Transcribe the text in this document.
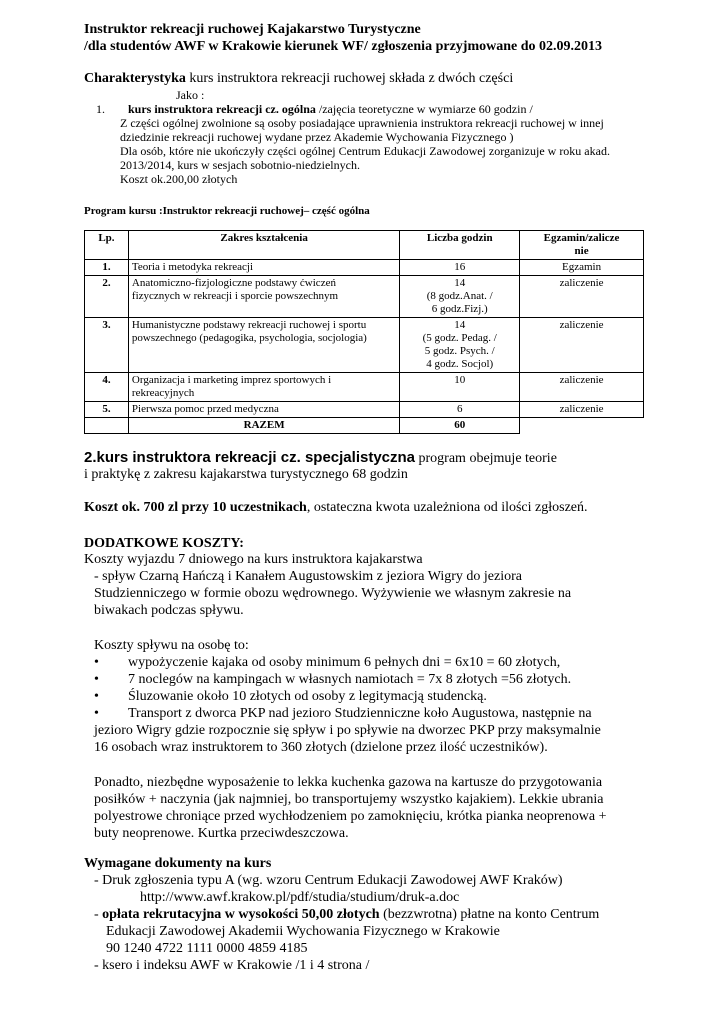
Instruktor rekreacji ruchowej Kajakarstwo Turystyczne
/dla studentów AWF w Krakowie kierunek WF/ zgłoszenia przyjmowane do 02.09.2013
Charakterystyka kurs instruktora rekreacji ruchowej składa z dwóch części
Jako :
1. kurs instruktora rekreacji cz. ogólna /zajęcia teoretyczne w wymiarze 60 godzin /
Z części ogólnej zwolnione są osoby posiadające uprawnienia instruktora rekreacji ruchowej w innej
dziedzinie rekreacji ruchowej wydane przez Akademie Wychowania Fizycznego )
Dla osób, które nie ukończyły części ogólnej Centrum Edukacji Zawodowej zorganizuje w roku akad.
2013/2014, kurs w sesjach sobotnio-niedzielnych.
Koszt ok.200,00 złotych
Program kursu :Instruktor rekreacji ruchowej– część ogólna
Lp.	Zakres kształcenia	Liczba godzin	Egzamin/zalicze
nie

1.	Teoria i metodyka rekreacji	16	Egzamin
2.	Anatomiczno-fizjologiczne podstawy ćwiczeń
fizycznych w rekreacji i sporcie powszechnym	14
(8 godz.Anat. /
6 godz.Fizj.)	zaliczenie
3.	Humanistyczne podstawy rekreacji ruchowej i sportu
powszechnego (pedagogika, psychologia, socjologia)	14
(5 godz. Pedag. /
5 godz. Psych. /
4 godz. Socjol)	zaliczenie
4.	Organizacja i marketing imprez sportowych i
rekreacyjnych	10	zaliczenie
5.	Pierwsza pomoc przed medyczna	6	zaliczenie
	RAZEM	60	
2.kurs instruktora rekreacji cz. specjalistyczna program obejmuje teorie
i praktykę z zakresu kajakarstwa turystycznego 68 godzin
Koszt ok. 700 zl przy 10 uczestnikach, ostateczna kwota uzależniona od ilości zgłoszeń.
DODATKOWE KOSZTY:
Koszty wyjazdu 7 dniowego na kurs instruktora kajakarstwa
- spływ Czarną Hańczą i Kanałem Augustowskim z jeziora Wigry do jeziora
Studzienniczego w formie obozu wędrownego. Wyżywienie we własnym zakresie na
biwakach podczas spływu.
Koszty spływu na osobę to:
• wypożyczenie kajaka od osoby minimum 6 pełnych dni = 6x10 = 60 złotych,
• 7 noclegów na kampingach w własnych namiotach = 7x 8 złotych =56 złotych.
• Śluzowanie około 10 złotych od osoby z legitymacją studencką.
• Transport z dworca PKP nad jezioro Studzienniczne koło Augustowa, następnie na
jezioro Wigry gdzie rozpocznie się spływ i po spływie na dworzec PKP przy maksymalnie
16 osobach wraz instruktorem to 360 złotych (dzielone przez ilość uczestników).
Ponadto, niezbędne wyposażenie to lekka kuchenka gazowa na kartusze do przygotowania
posiłków + naczynia (jak najmniej, bo transportujemy wszystko kajakiem). Lekkie ubrania
polyestrowe chroniące przed wychłodzeniem po zamoknięciu, krótka pianka neoprenowa +
buty neoprenowe. Kurtka przeciwdeszczowa.
Wymagane dokumenty na kurs
- Druk zgłoszenia typu A (wg. wzoru Centrum Edukacji Zawodowej AWF Kraków)
http://www.awf.krakow.pl/pdf/studia/studium/druk-a.doc
- opłata rekrutacyjna w wysokości 50,00 złotych (bezzwrotna) płatne na konto Centrum
Edukacji Zawodowej Akademii Wychowania Fizycznego w Krakowie
90 1240 4722 1111 0000 4859 4185
- ksero i indeksu AWF w Krakowie /1 i 4 strona /
